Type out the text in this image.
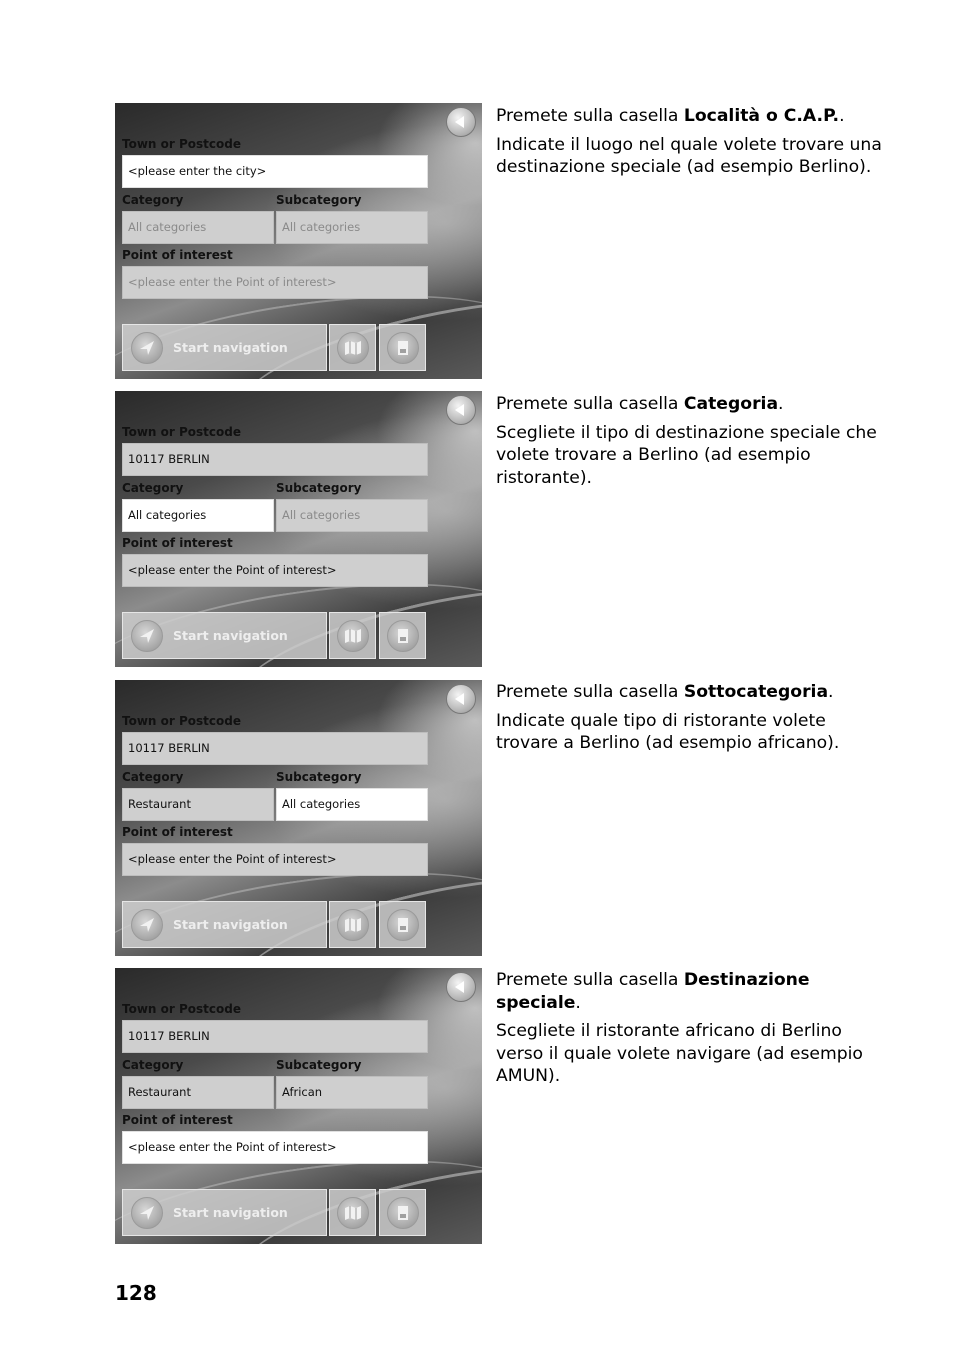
Town or Postcode
<please enter the city>
Category	Subcategory
All categories	All categories
Point of interest
<please enter the Point of interest>
Start navigation

Premete sulla casella Località o C.A.P..

Indicate il luogo nel quale volete trovare una destinazione speciale (ad esempio Berlino).

Town or Postcode
10117 BERLIN
Category	Subcategory
All categories	All categories
Point of interest
<please enter the Point of interest>
Start navigation

Premete sulla casella Categoria.

Scegliete il tipo di destinazione speciale che volete trovare a Berlino (ad esempio ristorante).

Town or Postcode
10117 BERLIN
Category	Subcategory
Restaurant	All categories
Point of interest
<please enter the Point of interest>
Start navigation

Premete sulla casella Sottocategoria.

Indicate quale tipo di ristorante volete trovare a Berlino (ad esempio africano).

Town or Postcode
10117 BERLIN
Category	Subcategory
Restaurant	African
Point of interest
<please enter the Point of interest>
Start navigation

Premete sulla casella Destinazione speciale.

Scegliete il ristorante africano di Berlino verso il quale volete navigare (ad esempio AMUN).

128
